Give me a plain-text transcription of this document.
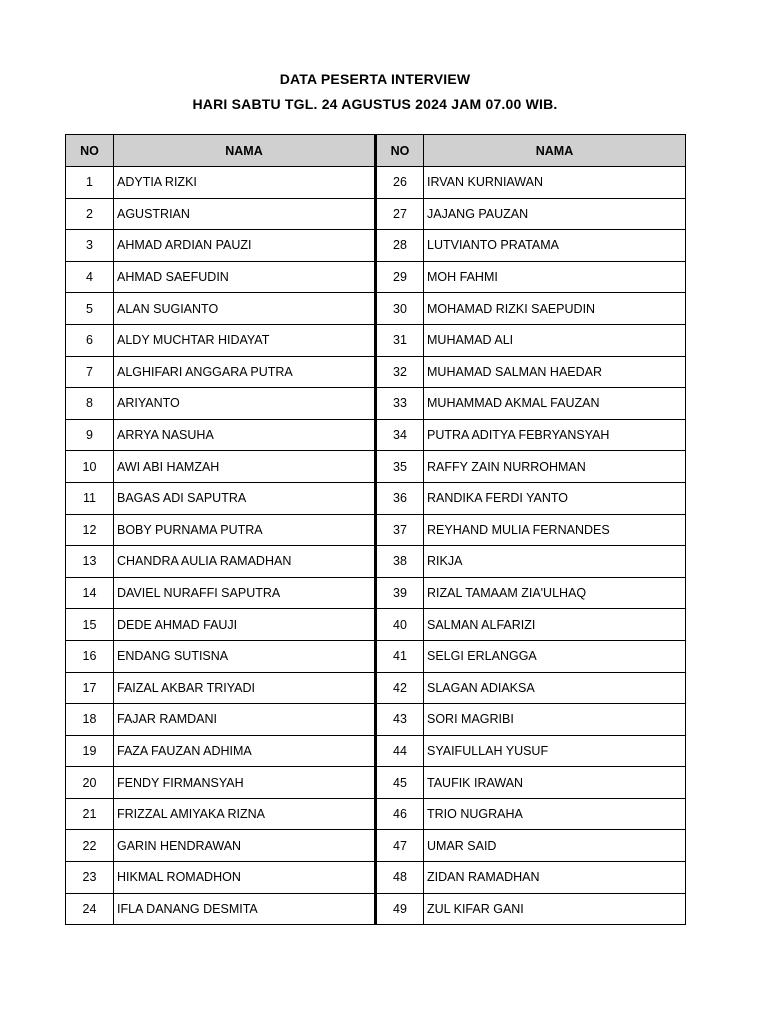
DATA PESERTA INTERVIEW
HARI SABTU TGL. 24 AGUSTUS 2024 JAM 07.00 WIB.
NO	NAMA	NO	NAMA
1	ADYTIA RIZKI	26	IRVAN KURNIAWAN
2	AGUSTRIAN	27	JAJANG PAUZAN
3	AHMAD ARDIAN PAUZI	28	LUTVIANTO PRATAMA
4	AHMAD SAEFUDIN	29	MOH FAHMI
5	ALAN SUGIANTO	30	MOHAMAD RIZKI SAEPUDIN
6	ALDY MUCHTAR HIDAYAT	31	MUHAMAD ALI
7	ALGHIFARI ANGGARA PUTRA	32	MUHAMAD SALMAN HAEDAR
8	ARIYANTO	33	MUHAMMAD AKMAL FAUZAN
9	ARRYA NASUHA	34	PUTRA ADITYA FEBRYANSYAH
10	AWI ABI HAMZAH	35	RAFFY ZAIN NURROHMAN
11	BAGAS ADI SAPUTRA	36	RANDIKA FERDI YANTO
12	BOBY PURNAMA PUTRA	37	REYHAND MULIA FERNANDES
13	CHANDRA AULIA RAMADHAN	38	RIKJA
14	DAVIEL NURAFFI SAPUTRA	39	RIZAL TAMAAM ZIA'ULHAQ
15	DEDE AHMAD FAUJI	40	SALMAN ALFARIZI
16	ENDANG SUTISNA	41	SELGI ERLANGGA
17	FAIZAL AKBAR TRIYADI	42	SLAGAN ADIAKSA
18	FAJAR RAMDANI	43	SORI MAGRIBI
19	FAZA FAUZAN ADHIMA	44	SYAIFULLAH YUSUF
20	FENDY FIRMANSYAH	45	TAUFIK IRAWAN
21	FRIZZAL AMIYAKA RIZNA	46	TRIO NUGRAHA
22	GARIN HENDRAWAN	47	UMAR SAID
23	HIKMAL ROMADHON	48	ZIDAN RAMADHAN
24	IFLA DANANG DESMITA	49	ZUL KIFAR GANI
